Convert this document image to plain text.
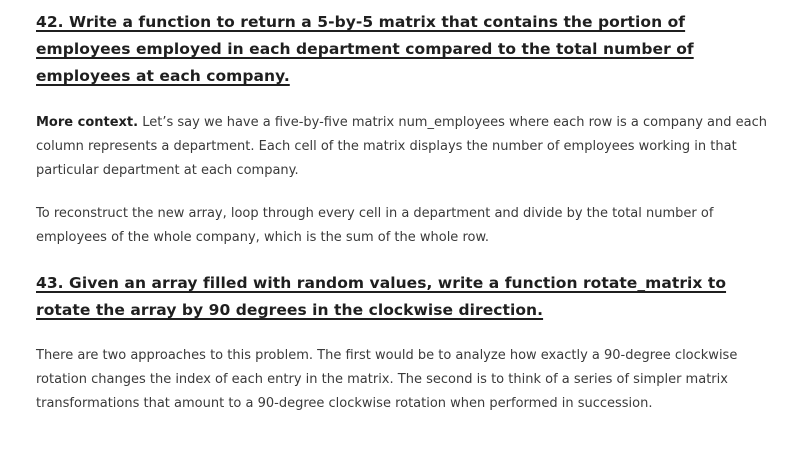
42. Write a function to return a 5-by-5 matrix that contains the portion of employees employed in each department compared to the total number of employees at each company.

More context. Let’s say we have a five-by-five matrix num_employees where each row is a company and each column represents a department. Each cell of the matrix displays the number of employees working in that particular department at each company.

To reconstruct the new array, loop through every cell in a department and divide by the total number of employees of the whole company, which is the sum of the whole row.

43. Given an array filled with random values, write a function rotate_matrix to rotate the array by 90 degrees in the clockwise direction.

There are two approaches to this problem. The first would be to analyze how exactly a 90-degree clockwise rotation changes the index of each entry in the matrix. The second is to think of a series of simpler matrix transformations that amount to a 90-degree clockwise rotation when performed in succession.
